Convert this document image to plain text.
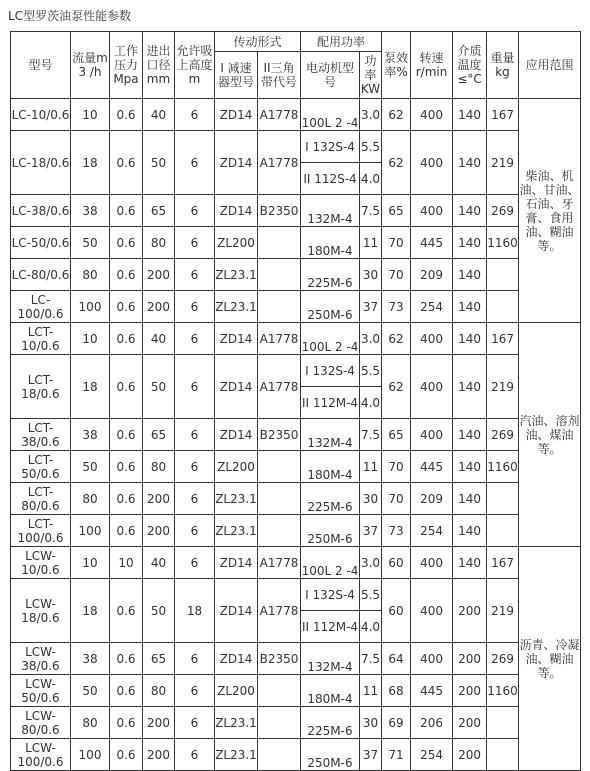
LC型罗茨油泵性能参数
型号	流量m 3 /h	工作压力Mpa	进出口径mm	允许吸上高度m	传动形式		配用功率		泵效率%	转速r/min	介质温度≤°C	重量kg	应用范围
					I 减速器型号	II三角带代号	电动机型号	功率KW					
LC-10/0.6	10	0.6	40	6	ZD14	A1778	100L 2 -4	3.0	62	400	140	167	柴油、机油、甘油、石油、牙膏、食用油、糊油等。
LC-18/0.6	18	0.6	50	6	ZD14	A1778	I 132S-4	5.5	62	400	140	219	
							II 112S-4	4.0					
LC-38/0.6	38	0.6	65	6	ZD14	B2350	132M-4	7.5	65	400	140	269	
LC-50/0.6	50	0.6	80	6	ZL200		180M-4	11	70	445	140	1160	
LC-80/0.6	80	0.6	200	6	ZL23.1		225M-6	30	70	209	140		
LC-100/0.6	100	0.6	200	6	ZL23.1		250M-6	37	73	254	140		
LCT-10/0.6	10	0.6	40	6	ZD14	A1778	100L 2 -4	3.0	62	400	140	167	汽油、溶剂油、煤油等。
LCT-18/0.6	18	0.6	50	6	ZD14	A1778	I 132S-4	5.5	62	400	140	219	
							II 112M-4	4.0					
LCT-38/0.6	38	0.6	65	6	ZD14	B2350	132M-4	7.5	65	400	140	269	
LCT-50/0.6	50	0.6	80	6	ZL200		180M-4	11	70	445	140	1160	
LCT-80/0.6	80	0.6	200	6	ZL23.1		225M-6	30	70	209	140		
LCT-100/0.6	100	0.6	200	6	ZL23.1		250M-6	37	73	254	140		
LCW-10/0.6	10	10	40	6	ZD14	A1778	100L 2 -4	3.0	60	400	140	167	沥青、冷凝油、糊油等。
LCW-18/0.6	18	0.6	50	18	ZD14	A1778	I 132S-4	5.5	60	400	200	219	
							II 112M-4	4.0					
LCW-38/0.6	38	0.6	65	6	ZD14	B2350	132M-4	7.5	64	400	200	269	
LCW-50/0.6	50	0.6	80	6	ZL200		180M-4	11	68	445	200	1160	
LCW-80/0.6	80	0.6	200	6	ZL23.1		225M-6	30	69	206	200		
LCW-100/0.6	100	0.6	200	6	ZL23.1		250M-6	37	71	254	200		
